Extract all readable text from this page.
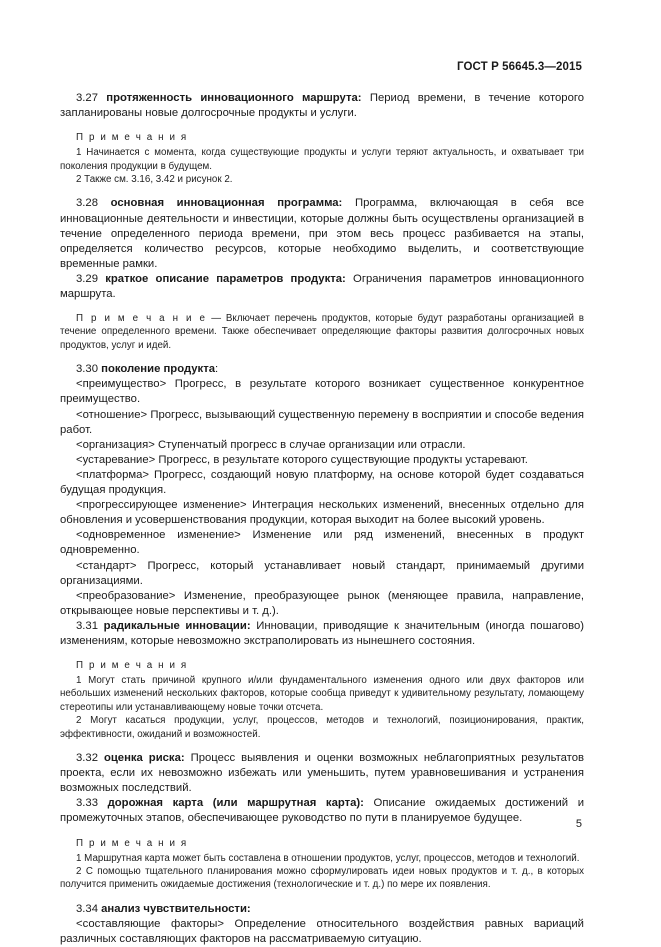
ГОСТ Р 56645.3—2015

3.27 протяженность инновационного маршрута: Период времени, в течение которого запланированы новые долгосрочные продукты и услуги.

П р и м е ч а н и я

1 Начинается с момента, когда существующие продукты и услуги теряют актуальность, и охватывает три поколения продукции в будущем.

2 Также см. 3.16, 3.42 и рисунок 2.

3.28 основная инновационная программа: Программа, включающая в себя все инновационные деятельности и инвестиции, которые должны быть осуществлены организацией в течение определенного периода времени, при этом весь процесс разбивается на этапы, определяется количество ресурсов, которые необходимо выделить, и соответствующие временные рамки.

3.29 краткое описание параметров продукта: Ограничения параметров инновационного маршрута.

П р и м е ч а н и е — Включает перечень продуктов, которые будут разработаны организацией в течение определенного времени. Также обеспечивает определяющие факторы развития долгосрочных новых продуктов, услуг и идей.

3.30 поколение продукта:

<преимущество> Прогресс, в результате которого возникает существенное конкурентное преимущество.

<отношение> Прогресс, вызывающий существенную перемену в восприятии и способе ведения работ.

<организация> Ступенчатый прогресс в случае организации или отрасли.

<устаревание> Прогресс, в результате которого существующие продукты устаревают.

<платформа> Прогресс, создающий новую платформу, на основе которой будет создаваться будущая продукция.

<прогрессирующее изменение> Интеграция нескольких изменений, внесенных отдельно для обновления и усовершенствования продукции, которая выходит на более высокий уровень.

<одновременное изменение> Изменение или ряд изменений, внесенных в продукт одновременно.

<стандарт> Прогресс, который устанавливает новый стандарт, принимаемый другими организациями.

<преобразование> Изменение, преобразующее рынок (меняющее правила, направление, открывающее новые перспективы и т. д.).

3.31 радикальные инновации: Инновации, приводящие к значительным (иногда пошагово) изменениям, которые невозможно экстраполировать из нынешнего состояния.

П р и м е ч а н и я

1 Могут стать причиной крупного и/или фундаментального изменения одного или двух факторов или небольших изменений нескольких факторов, которые сообща приведут к удивительному результату, ломающему стереотипы или устанавливающему новые точки отсчета.

2 Могут касаться продукции, услуг, процессов, методов и технологий, позиционирования, практик, эффективности, ожиданий и возможностей.

3.32 оценка риска: Процесс выявления и оценки возможных неблагоприятных результатов проекта, если их невозможно избежать или уменьшить, путем уравновешивания и устранения возможных последствий.

3.33 дорожная карта (или маршрутная карта): Описание ожидаемых достижений и промежуточных этапов, обеспечивающее руководство по пути в планируемое будущее.

П р и м е ч а н и я

1 Маршрутная карта может быть составлена в отношении продуктов, услуг, процессов, методов и технологий.

2 С помощью тщательного планирования можно сформулировать идеи новых продуктов и т. д., в которых получится применить ожидаемые достижения (технологические и т. д.) по мере их появления.

3.34 анализ чувствительности:

<составляющие факторы> Определение относительного воздействия равных вариаций различных составляющих факторов на рассматриваемую ситуацию.

5
